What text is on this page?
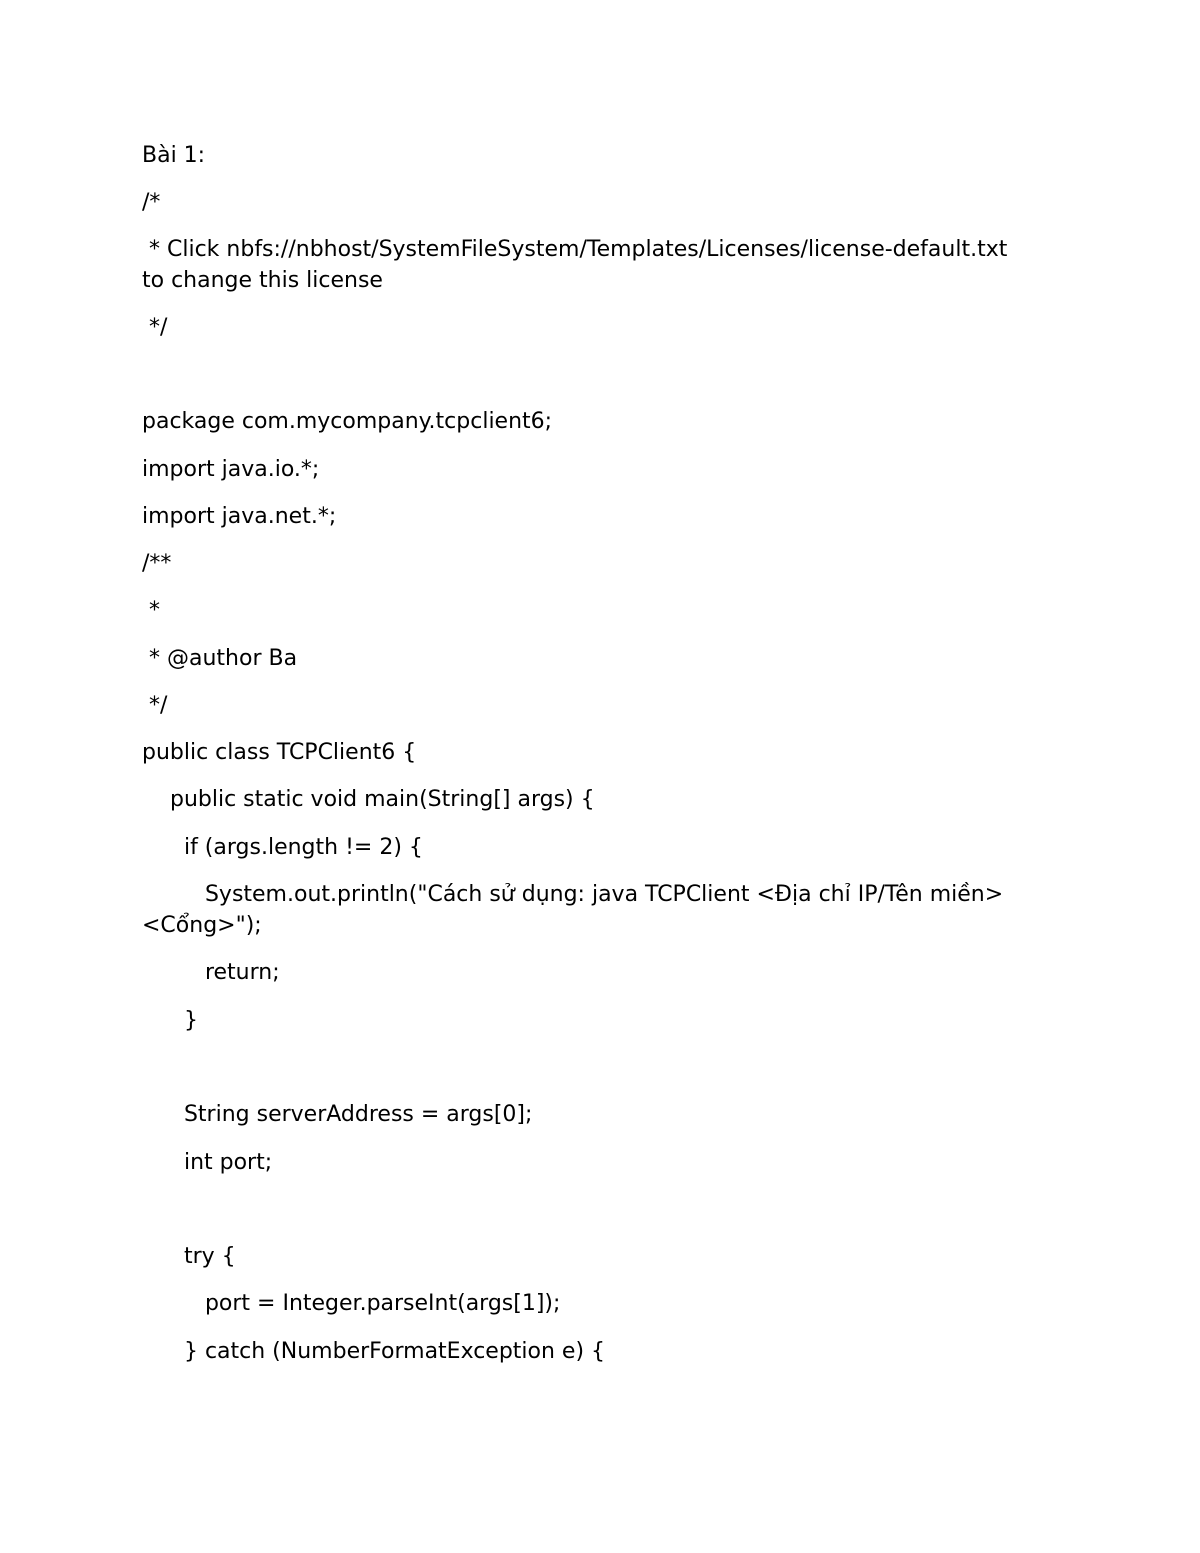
Bài 1:

/*

* Click nbfs://nbhost/SystemFileSystem/Templates/Licenses/license-default.txt to change this license

*/

package com.mycompany.tcpclient6;

import java.io.*;

import java.net.*;

/**

*

* @author Ba

*/

public class TCPClient6 {

public static void main(String[] args) {

if (args.length != 2) {

System.out.println("Cách sử dụng: java TCPClient <Địa chỉ IP/Tên miền> <Cổng>");

return;

}

String serverAddress = args[0];

int port;

try {

port = Integer.parseInt(args[1]);

} catch (NumberFormatException e) {
